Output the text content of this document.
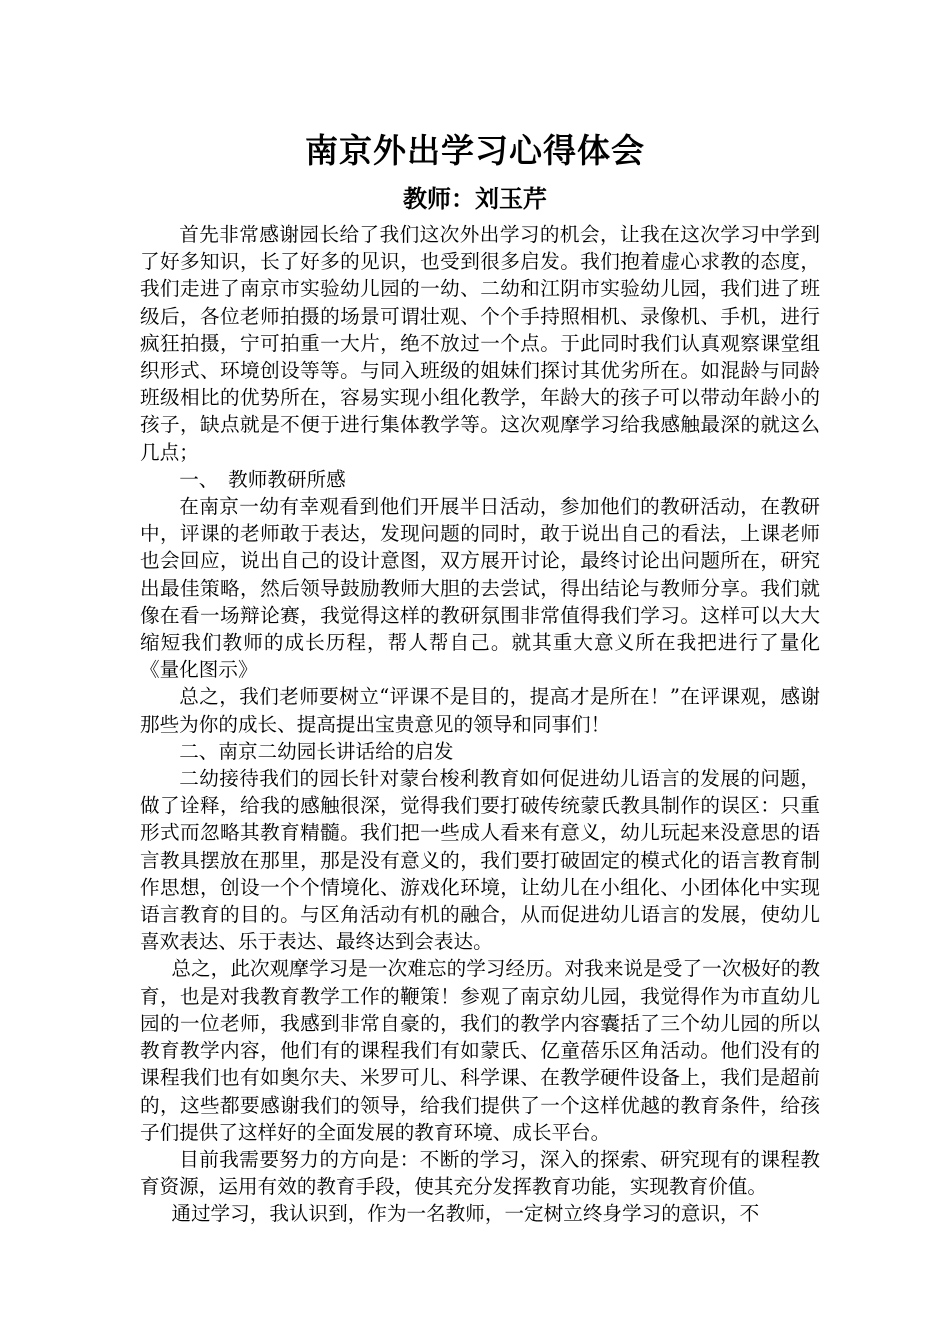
南京外出学习心得体会
教师：刘玉芹

首先非常感谢园长给了我们这次外出学习的机会，让我在这次学习中学到了好多知识，长了好多的见识，也受到很多启发。我们抱着虚心求教的态度，我们走进了南京市实验幼儿园的一幼、二幼和江阴市实验幼儿园，我们进了班级后，各位老师拍摄的场景可谓壮观、个个手持照相机、录像机、手机，进行疯狂拍摄，宁可拍重一大片，绝不放过一个点。于此同时我们认真观察课堂组织形式、环境创设等等。与同入班级的姐妹们探讨其优劣所在。如混龄与同龄班级相比的优势所在，容易实现小组化教学，年龄大的孩子可以带动年龄小的孩子，缺点就是不便于进行集体教学等。这次观摩学习给我感触最深的就这么几点；

一、　教师教研所感

在南京一幼有幸观看到他们开展半日活动，参加他们的教研活动，在教研中，评课的老师敢于表达，发现问题的同时，敢于说出自己的看法，上课老师也会回应，说出自己的设计意图，双方展开讨论，最终讨论出问题所在，研究出最佳策略，然后领导鼓励教师大胆的去尝试，得出结论与教师分享。我们就像在看一场辩论赛，我觉得这样的教研氛围非常值得我们学习。这样可以大大缩短我们教师的成长历程，帮人帮自己。就其重大意义所在我把进行了量化《量化图示》

总之，我们老师要树立“评课不是目的，提高才是所在！”在评课观，感谢那些为你的成长、提高提出宝贵意见的领导和同事们！

二、南京二幼园长讲话给的启发

二幼接待我们的园长针对蒙台梭利教育如何促进幼儿语言的发展的问题，做了诠释，给我的感触很深，觉得我们要打破传统蒙氏教具制作的误区：只重形式而忽略其教育精髓。我们把一些成人看来有意义，幼儿玩起来没意思的语言教具摆放在那里，那是没有意义的，我们要打破固定的模式化的语言教育制作思想，创设一个个情境化、游戏化环境，让幼儿在小组化、小团体化中实现语言教育的目的。与区角活动有机的融合，从而促进幼儿语言的发展，使幼儿喜欢表达、乐于表达、最终达到会表达。

总之，此次观摩学习是一次难忘的学习经历。对我来说是受了一次极好的教育，也是对我教育教学工作的鞭策！参观了南京幼儿园，我觉得作为市直幼儿园的一位老师，我感到非常自豪的，我们的教学内容囊括了三个幼儿园的所以教育教学内容，他们有的课程我们有如蒙氏、亿童蓓乐区角活动。他们没有的课程我们也有如奥尔夫、米罗可儿、科学课、在教学硬件设备上，我们是超前的，这些都要感谢我们的领导，给我们提供了一个这样优越的教育条件，给孩子们提供了这样好的全面发展的教育环境、成长平台。

目前我需要努力的方向是：不断的学习，深入的探索、研究现有的课程教育资源，运用有效的教育手段，使其充分发挥教育功能，实现教育价值。

通过学习，我认识到，作为一名教师，一定树立终身学习的意识，不
